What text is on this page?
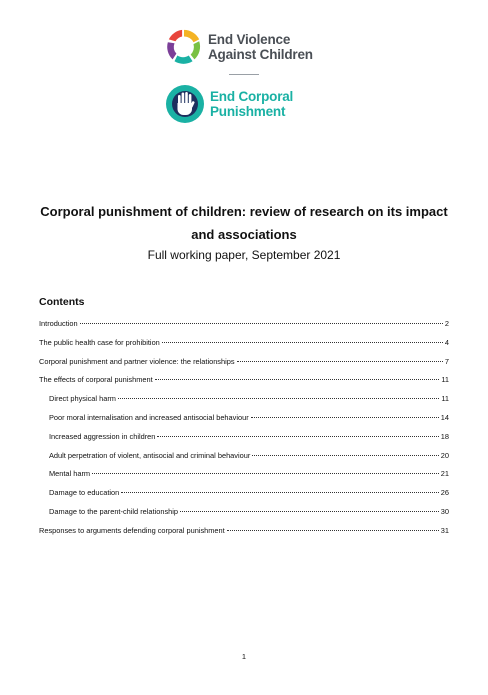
End Violence
Against Children
End Corporal
Punishment
Corporal punishment of children: review of research on its impact
and associations

Full working paper, September 2021

Contents
Introduction	2
The public health case for prohibition	4
Corporal punishment and partner violence: the relationships	7
The effects of corporal punishment	11
Direct physical harm	11
Poor moral internalisation and increased antisocial behaviour	14
Increased aggression in children	18
Adult perpetration of violent, antisocial and criminal behaviour	20
Mental harm	21
Damage to education	26
Damage to the parent-child relationship	30
Responses to arguments defending corporal punishment	31

1
